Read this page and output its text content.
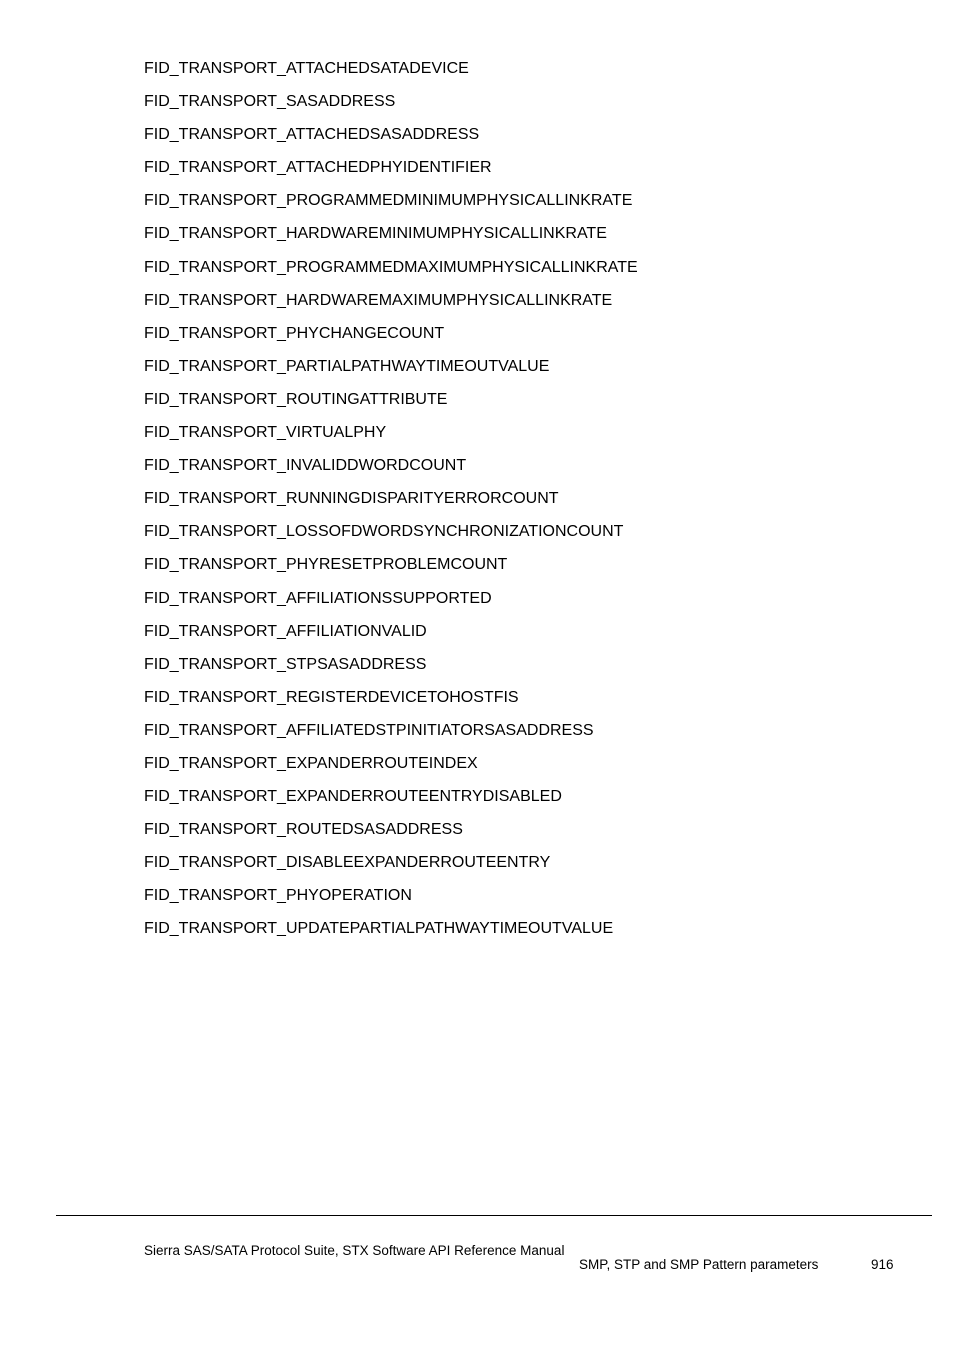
FID_TRANSPORT_ATTACHEDSATADEVICE
FID_TRANSPORT_SASADDRESS
FID_TRANSPORT_ATTACHEDSASADDRESS
FID_TRANSPORT_ATTACHEDPHYIDENTIFIER
FID_TRANSPORT_PROGRAMMEDMINIMUMPHYSICALLINKRATE
FID_TRANSPORT_HARDWAREMINIMUMPHYSICALLINKRATE
FID_TRANSPORT_PROGRAMMEDMAXIMUMPHYSICALLINKRATE
FID_TRANSPORT_HARDWAREMAXIMUMPHYSICALLINKRATE
FID_TRANSPORT_PHYCHANGECOUNT
FID_TRANSPORT_PARTIALPATHWAYTIMEOUTVALUE
FID_TRANSPORT_ROUTINGATTRIBUTE
FID_TRANSPORT_VIRTUALPHY
FID_TRANSPORT_INVALIDDWORDCOUNT
FID_TRANSPORT_RUNNINGDISPARITYERRORCOUNT
FID_TRANSPORT_LOSSOFDWORDSYNCHRONIZATIONCOUNT
FID_TRANSPORT_PHYRESETPROBLEMCOUNT
FID_TRANSPORT_AFFILIATIONSSUPPORTED
FID_TRANSPORT_AFFILIATIONVALID
FID_TRANSPORT_STPSASADDRESS
FID_TRANSPORT_REGISTERDEVICETOHOSTFIS
FID_TRANSPORT_AFFILIATEDSTPINITIATORSASADDRESS
FID_TRANSPORT_EXPANDERROUTEINDEX
FID_TRANSPORT_EXPANDERROUTEENTRYDISABLED
FID_TRANSPORT_ROUTEDSASADDRESS
FID_TRANSPORT_DISABLEEXPANDERROUTEENTRY
FID_TRANSPORT_PHYOPERATION
FID_TRANSPORT_UPDATEPARTIALPATHWAYTIMEOUTVALUE
Sierra SAS/SATA Protocol Suite, STX Software API Reference Manual
SMP, STP and SMP Pattern parameters	916
